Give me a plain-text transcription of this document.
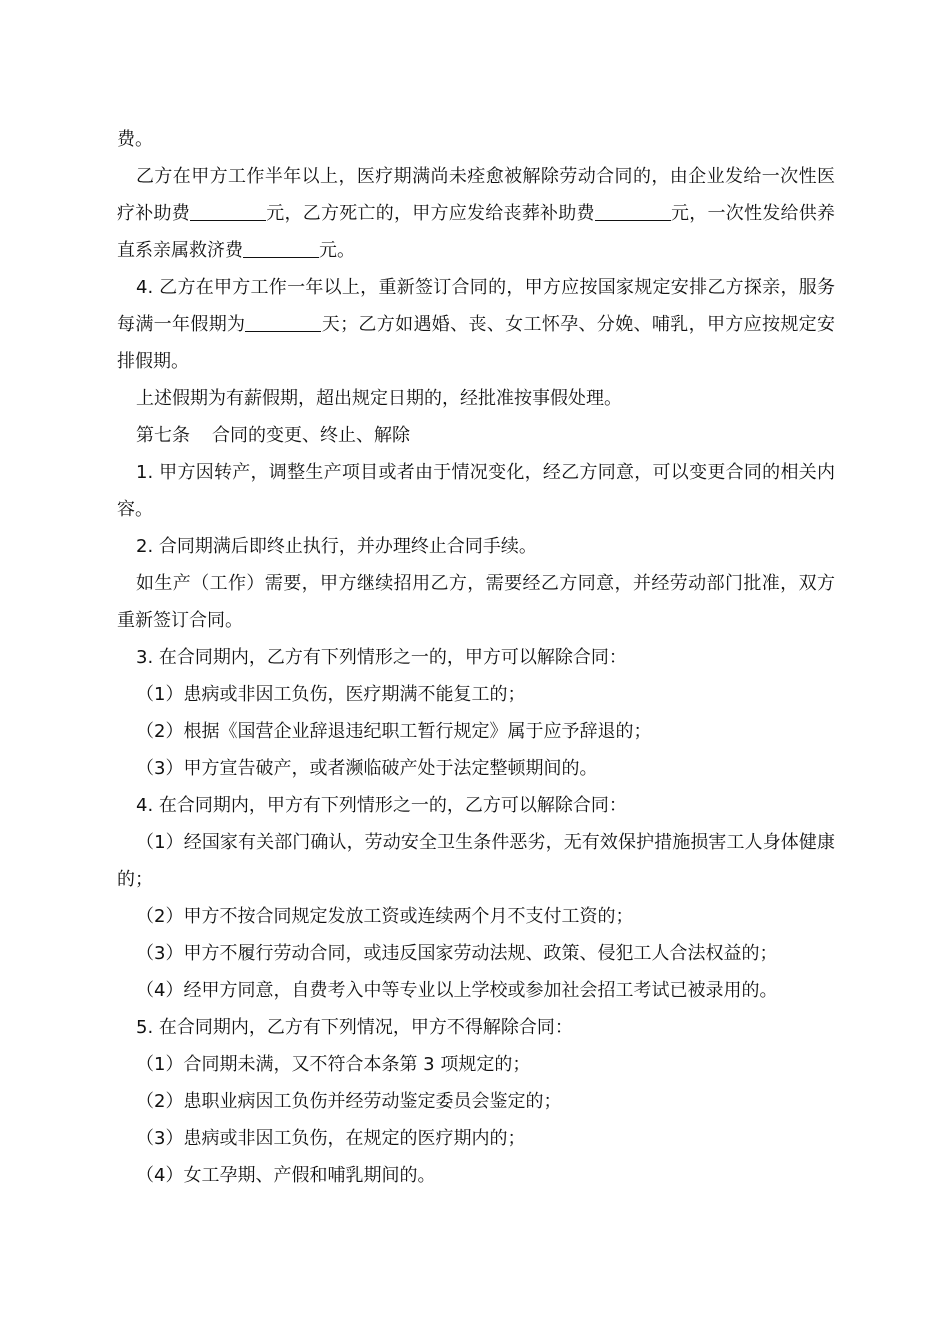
费。

乙方在甲方工作半年以上，医疗期满尚未痊愈被解除劳动合同的，由企业发给一次性医疗补助费	元，乙方死亡的，甲方应发给丧葬补助费	元，一次性发给供养直系亲属救济费	元。

4. 乙方在甲方工作一年以上，重新签订合同的，甲方应按国家规定安排乙方探亲，服务每满一年假期为	天；乙方如遇婚、丧、女工怀孕、分娩、哺乳，甲方应按规定安排假期。

上述假期为有薪假期，超出规定日期的，经批准按事假处理。

第七条 合同的变更、终止、解除

1. 甲方因转产，调整生产项目或者由于情况变化，经乙方同意，可以变更合同的相关内容。

2. 合同期满后即终止执行，并办理终止合同手续。

如生产（工作）需要，甲方继续招用乙方，需要经乙方同意，并经劳动部门批准，双方重新签订合同。

3. 在合同期内，乙方有下列情形之一的，甲方可以解除合同：

（1）患病或非因工负伤，医疗期满不能复工的；

（2）根据《国营企业辞退违纪职工暂行规定》属于应予辞退的；

（3）甲方宣告破产，或者濒临破产处于法定整顿期间的。

4. 在合同期内，甲方有下列情形之一的，乙方可以解除合同：

（1）经国家有关部门确认，劳动安全卫生条件恶劣，无有效保护措施损害工人身体健康的；

（2）甲方不按合同规定发放工资或连续两个月不支付工资的；

（3）甲方不履行劳动合同，或违反国家劳动法规、政策、侵犯工人合法权益的；

（4）经甲方同意，自费考入中等专业以上学校或参加社会招工考试已被录用的。

5. 在合同期内，乙方有下列情况，甲方不得解除合同：

（1）合同期未满，又不符合本条第 3 项规定的；

（2）患职业病因工负伤并经劳动鉴定委员会鉴定的；

（3）患病或非因工负伤，在规定的医疗期内的；

（4）女工孕期、产假和哺乳期间的。
